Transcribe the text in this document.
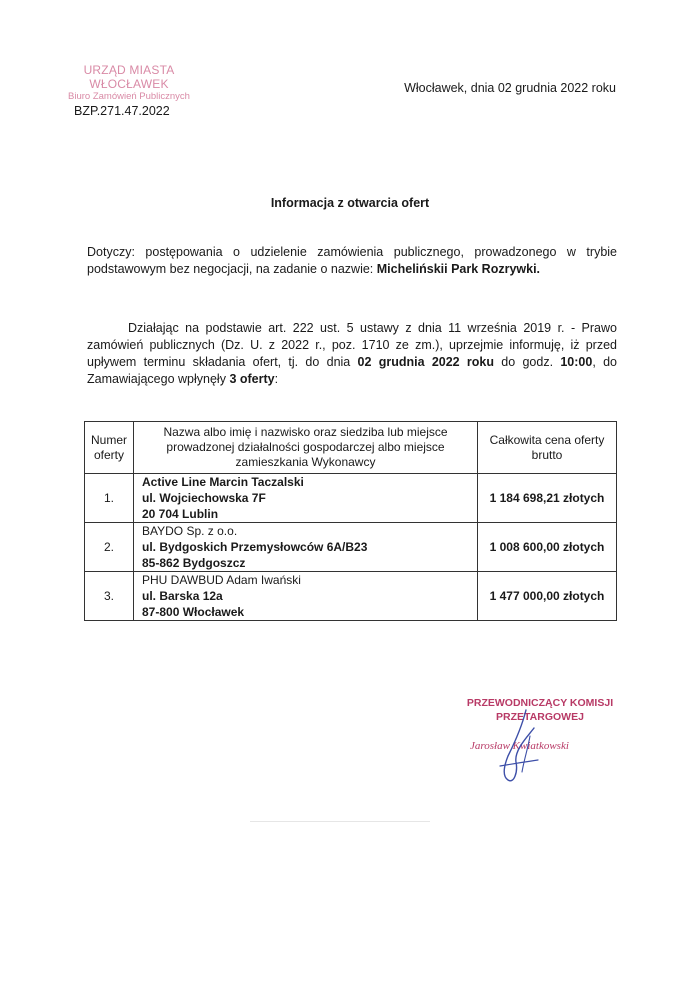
URZĄD MIASTA WŁOCŁAWEK
Biuro Zamówień Publicznych
BZP.271.47.2022
Włocławek, dnia 02 grudnia 2022 roku
Informacja z otwarcia ofert
Dotyczy: postępowania o udzielenie zamówienia publicznego, prowadzonego w trybie podstawowym bez negocjacji, na zadanie o nazwie: Michelińskii Park Rozrywki.
Działając na podstawie art. 222 ust. 5 ustawy z dnia 11 września 2019 r. - Prawo zamówień publicznych (Dz. U. z 2022 r., poz. 1710 ze zm.), uprzejmie informuję, iż przed upływem terminu składania ofert, tj. do dnia 02 grudnia 2022 roku do godz. 10:00, do Zamawiającego wpłynęły 3 oferty:
Numer oferty	Nazwa albo imię i nazwisko oraz siedziba lub miejsce prowadzonej działalności gospodarczej albo miejsce zamieszkania Wykonawcy	Całkowita cena oferty brutto
1.	Active Line Marcin Taczalski
ul. Wojciechowska 7F
20 704 Lublin	1 184 698,21 złotych
2.	BAYDO Sp. z o.o.
ul. Bydgoskich Przemysłowców 6A/B23
85-862 Bydgoszcz	1 008 600,00 złotych
3.	PHU DAWBUD Adam Iwański
ul. Barska 12a
87-800 Włocławek	1 477 000,00 złotych
PRZEWODNICZĄCY KOMISJI
PRZETARGOWEJ
Jarosław Kwiatkowski
